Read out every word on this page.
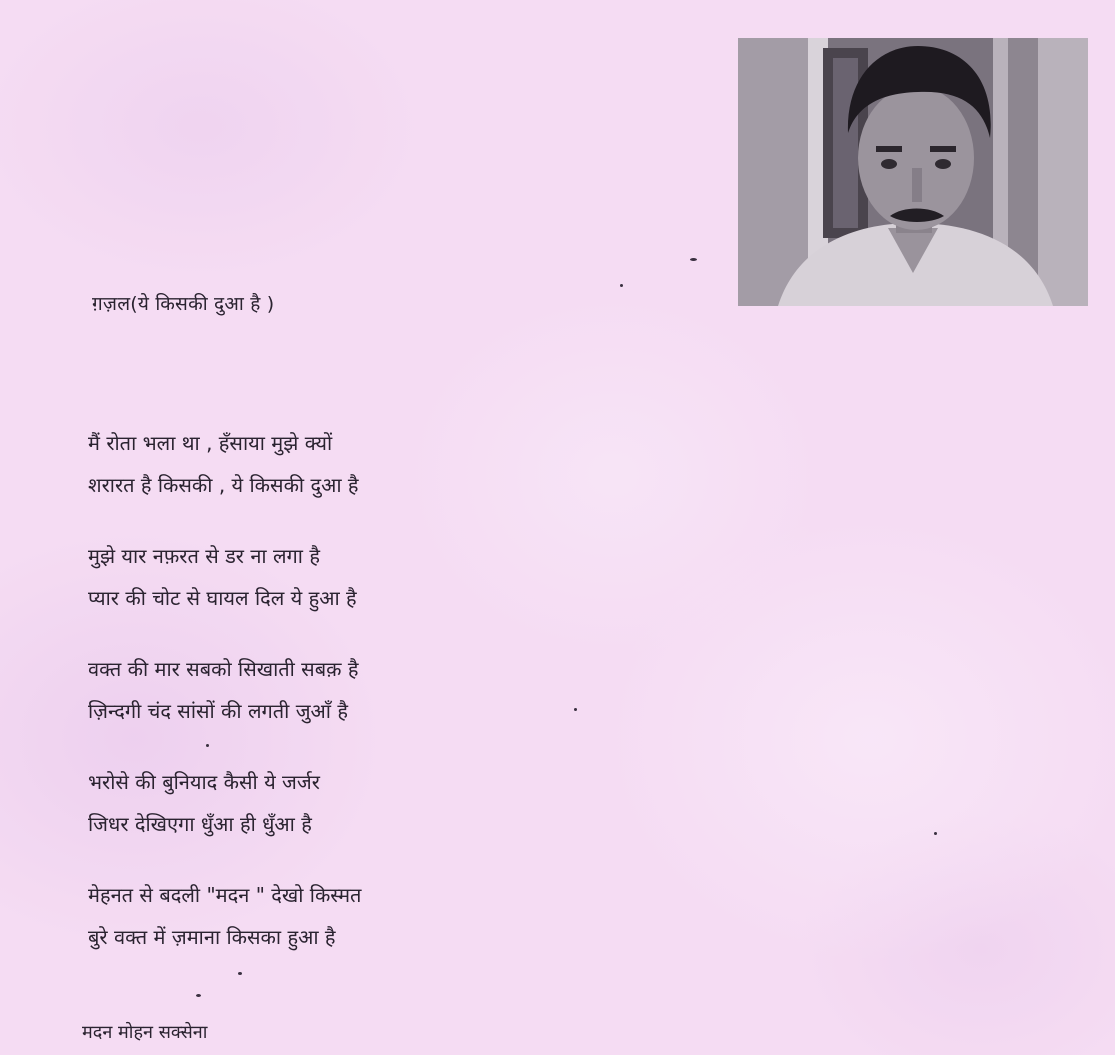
ग़ज़ल(ये किसकी दुआ है )
मैं रोता भला था , हँसाया मुझे क्यों
शरारत है किसकी , ये किसकी दुआ है
मुझे यार नफ़रत से डर ना लगा है
प्यार की चोट से घायल दिल ये हुआ है
वक्त की मार सबको सिखाती सबक़ है
ज़िन्दगी चंद सांसों की लगती जुआँ है
भरोसे की बुनियाद कैसी ये जर्जर
जिधर देखिएगा धुँआ ही धुँआ है
मेहनत से बदली "मदन " देखो किस्मत
बुरे वक्त में ज़माना किसका हुआ है
मदन मोहन सक्सेना
